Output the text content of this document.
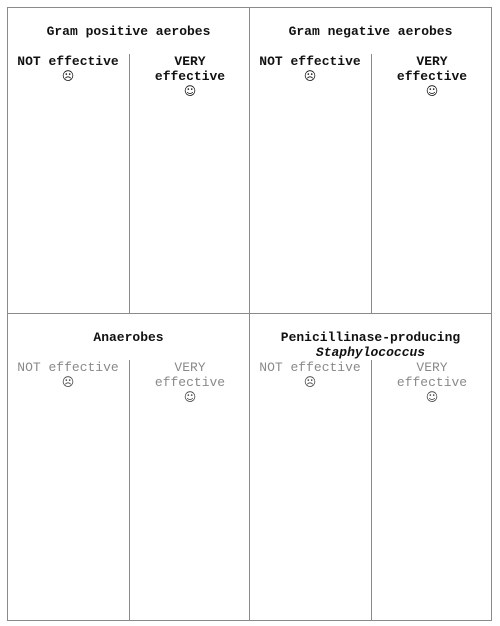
Gram positive aerobes
NOT effective
☹
VERY
effective
☺
Gram negative aerobes
NOT effective
☹
VERY
effective
☺
Anaerobes
NOT effective
☹
VERY
effective
☺
Penicillinase-producing
Staphylococcus
NOT effective
☹
VERY
effective
☺
